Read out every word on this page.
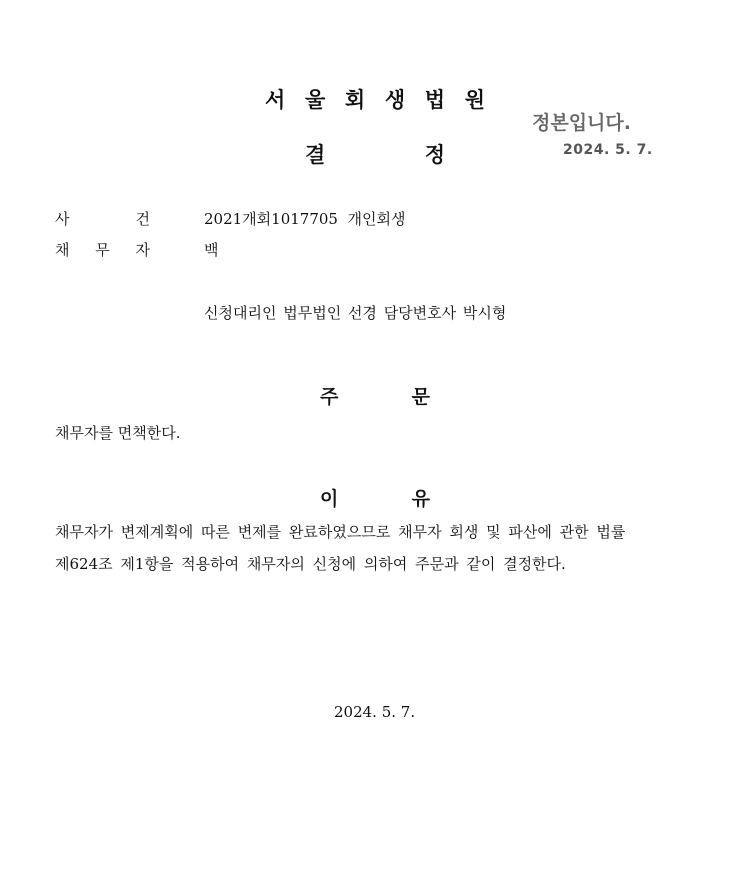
서 울 회 생 법 원
결	정
정본입니다.
2024. 5. 7.
사	건	2021개회1017705  개인회생
채 무 자	백
신청대리인 법무법인 선경 담당변호사 박시형
주	문
채무자를 면책한다.
이	유
채무자가 변제계획에 따른 변제를 완료하였으므로 채무자 회생 및 파산에 관한 법률
제624조 제1항을 적용하여 채무자의 신청에 의하여 주문과 같이 결정한다.
2024. 5. 7.
